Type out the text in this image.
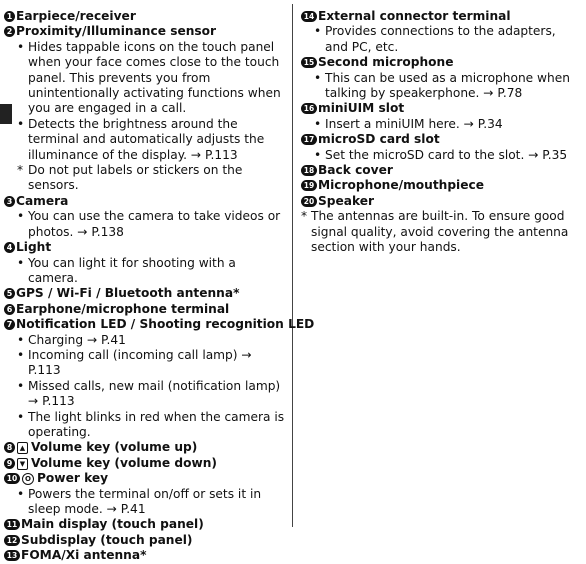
1 Earpiece/receiver
2 Proximity/Illuminance sensor
• Hides tappable icons on the touch panel when your face comes close to the touch panel. This prevents you from unintentionally activating functions when you are engaged in a call.
• Detects the brightness around the terminal and automatically adjusts the illuminance of the display. → P.113
* Do not put labels or stickers on the sensors.
3 Camera
• You can use the camera to take videos or photos. → P.138
4 Light
• You can light it for shooting with a camera.
5 GPS / Wi-Fi / Bluetooth antenna*
6 Earphone/microphone terminal
7 Notification LED / Shooting recognition LED
• Charging → P.41
• Incoming call (incoming call lamp) → P.113
• Missed calls, new mail (notification lamp) → P.113
• The light blinks in red when the camera is operating.
8	▲ Volume key (volume up)
9	▼ Volume key (volume down)
10	O Power key
• Powers the terminal on/off or sets it in sleep mode. → P.41
11 Main display (touch panel)
12 Subdisplay (touch panel)
13 FOMA/Xi antenna*
14 External connector terminal
• Provides connections to the adapters, and PC, etc.
15 Second microphone
• This can be used as a microphone when talking by speakerphone. → P.78
16 miniUIM slot
• Insert a miniUIM here. → P.34
17 microSD card slot
• Set the microSD card to the slot. → P.35
18 Back cover
19 Microphone/mouthpiece
20 Speaker
* The antennas are built-in. To ensure good signal quality, avoid covering the antenna section with your hands.
